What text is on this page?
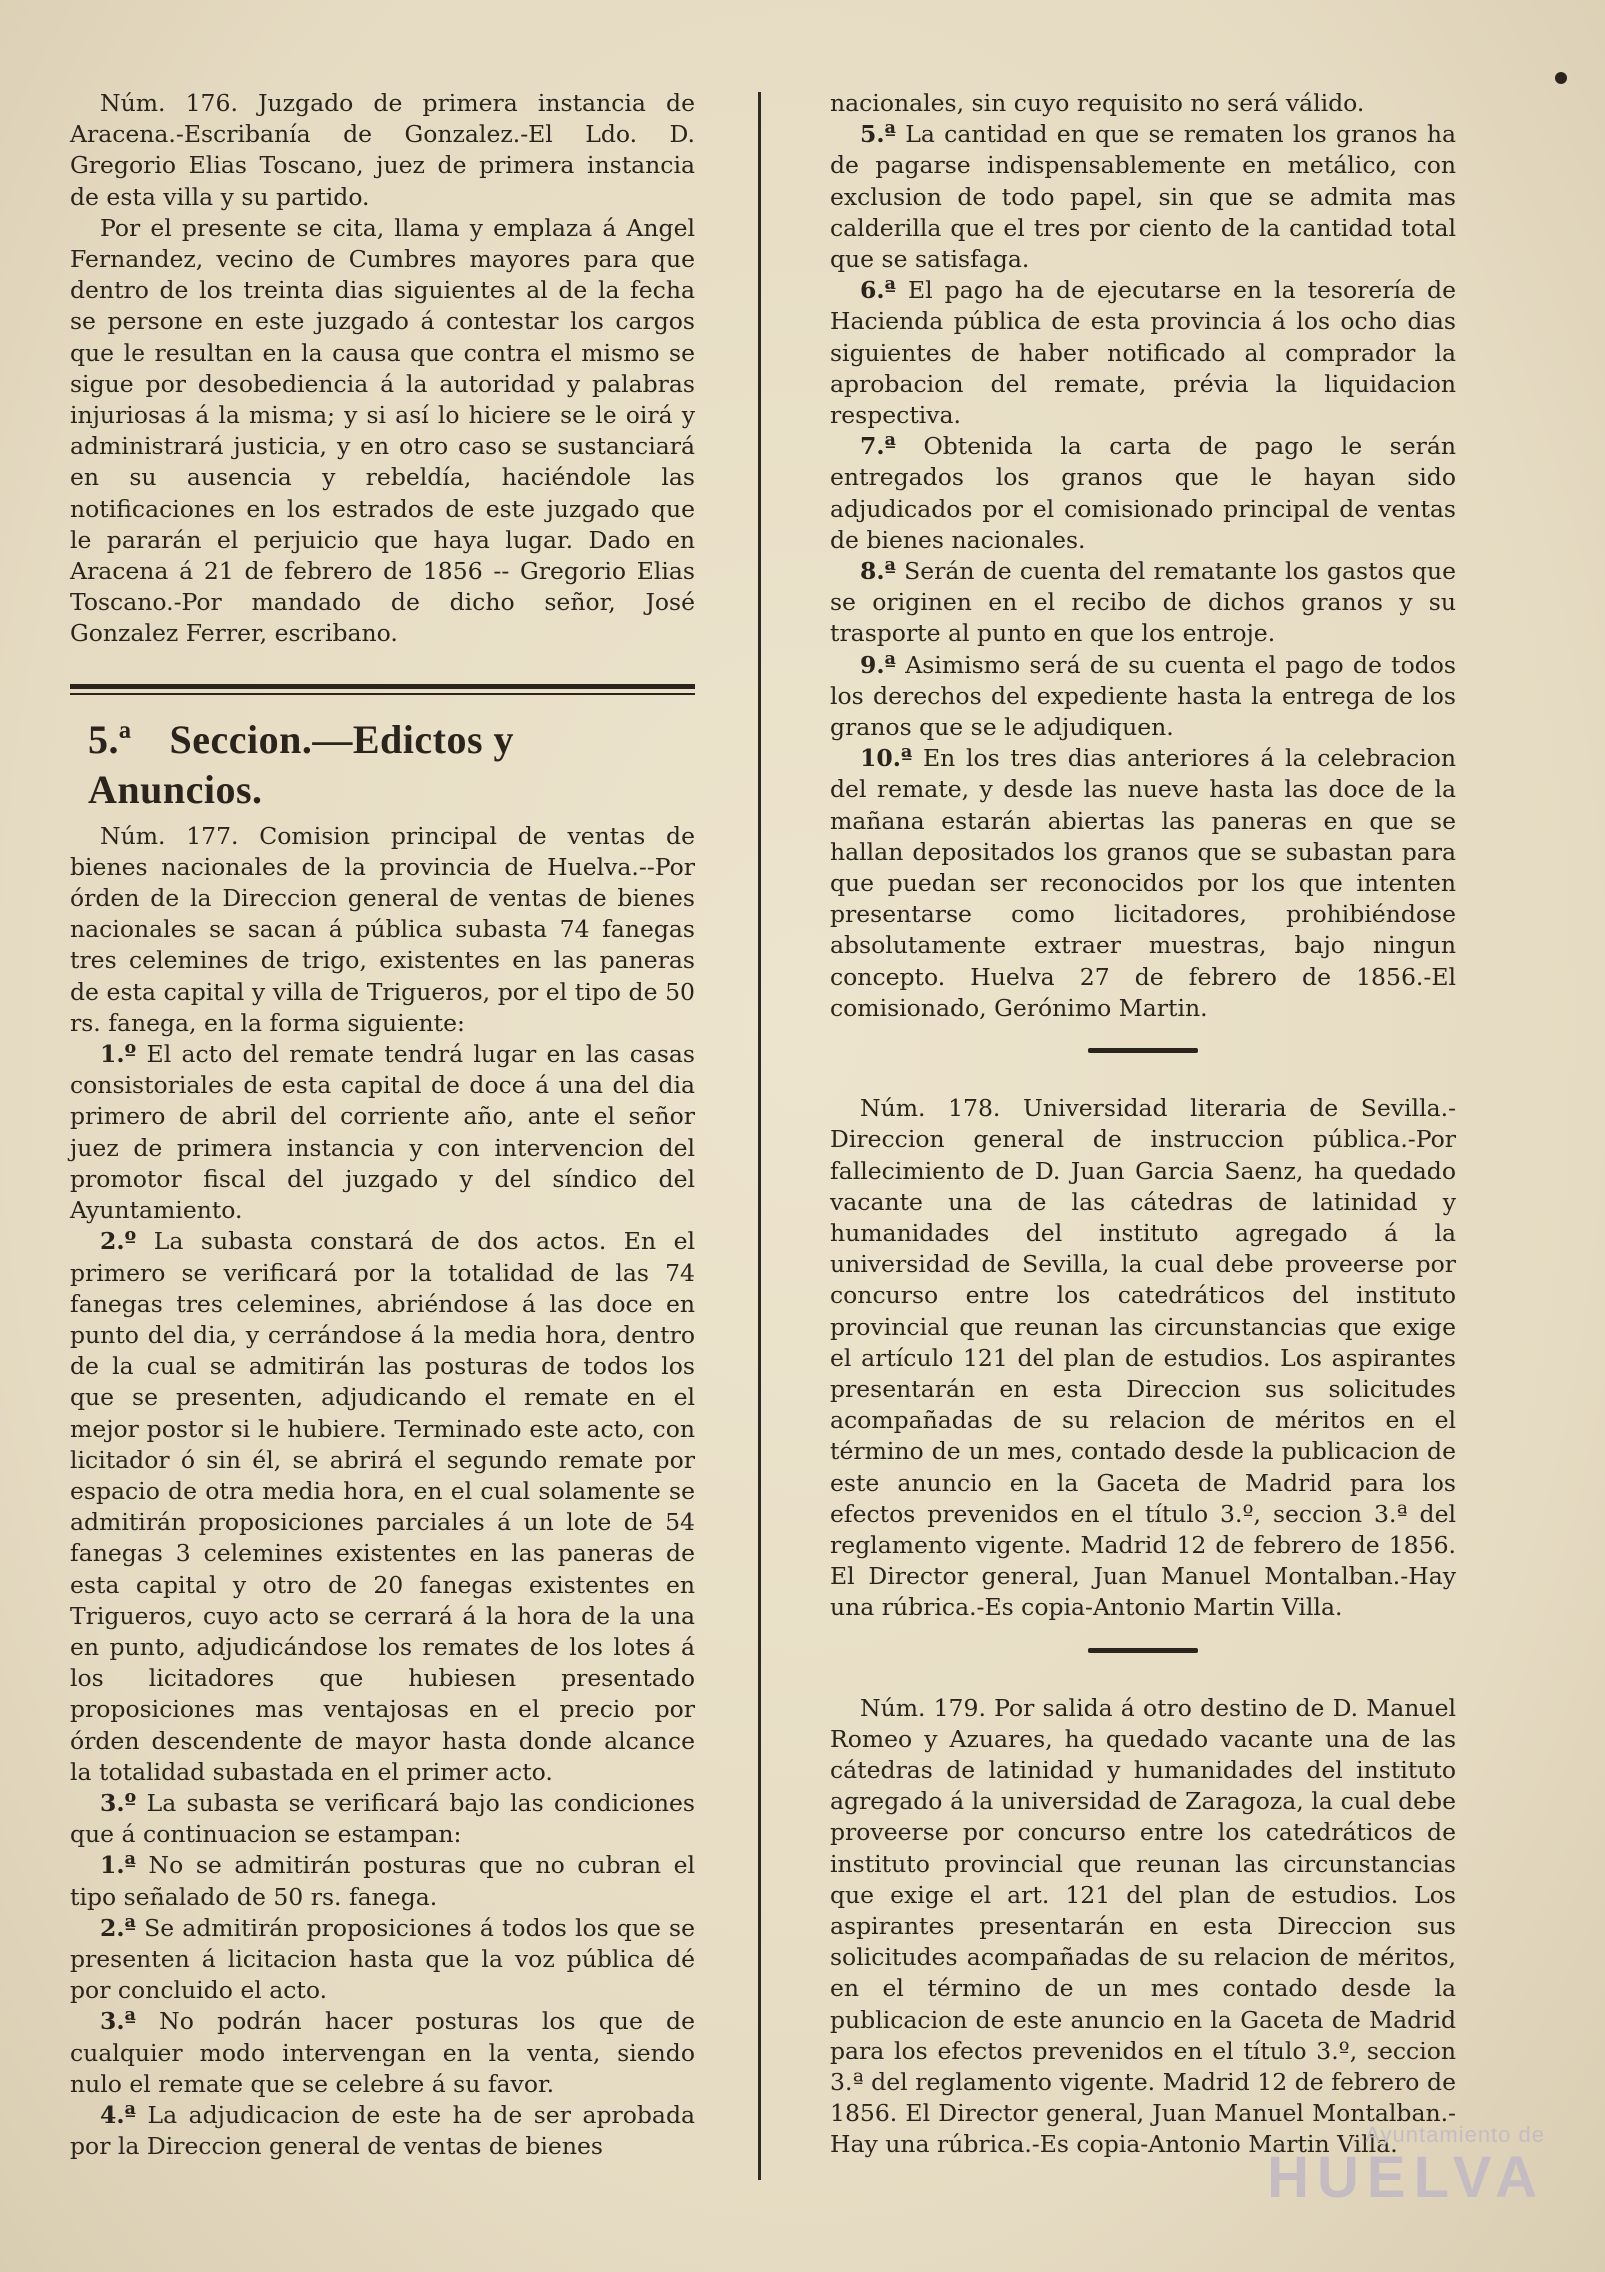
Núm. 176. Juzgado de primera instancia de Aracena.-Escribanía de Gonzalez.-El Ldo. D. Gregorio Elias Toscano, juez de primera instancia de esta villa y su partido.

Por el presente se cita, llama y emplaza á Angel Fernandez, vecino de Cumbres mayores para que dentro de los treinta dias siguientes al de la fecha se persone en este juzgado á contestar los cargos que le resultan en la causa que contra el mismo se sigue por desobediencia á la autoridad y palabras injuriosas á la misma; y si así lo hiciere se le oirá y administrará justicia, y en otro caso se sustanciará en su ausencia y rebeldía, haciéndole las notificaciones en los estrados de este juzgado que le pararán el perjuicio que haya lugar. Dado en Aracena á 21 de febrero de 1856 -- Gregorio Elias Toscano.-Por mandado de dicho señor, José Gonzalez Ferrer, escribano.

5.ª Seccion.—Edictos y Anuncios.

Núm. 177. Comision principal de ventas de bienes nacionales de la provincia de Huelva.--Por órden de la Direccion general de ventas de bienes nacionales se sacan á pública subasta 74 fanegas tres celemines de trigo, existentes en las paneras de esta capital y villa de Trigueros, por el tipo de 50 rs. fanega, en la forma siguiente:

1.º El acto del remate tendrá lugar en las casas consistoriales de esta capital de doce á una del dia primero de abril del corriente año, ante el señor juez de primera instancia y con intervencion del promotor fiscal del juzgado y del síndico del Ayuntamiento.

2.º La subasta constará de dos actos. En el primero se verificará por la totalidad de las 74 fanegas tres celemines, abriéndose á las doce en punto del dia, y cerrándose á la media hora, dentro de la cual se admitirán las posturas de todos los que se presenten, adjudicando el remate en el mejor postor si le hubiere. Terminado este acto, con licitador ó sin él, se abrirá el segundo remate por espacio de otra media hora, en el cual solamente se admitirán proposiciones parciales á un lote de 54 fanegas 3 celemines existentes en las paneras de esta capital y otro de 20 fanegas existentes en Trigueros, cuyo acto se cerrará á la hora de la una en punto, adjudicándose los remates de los lotes á los licitadores que hubiesen presentado proposiciones mas ventajosas en el precio por órden descendente de mayor hasta donde alcance la totalidad subastada en el primer acto.

3.º La subasta se verificará bajo las condiciones que á continuacion se estampan:

1.ª No se admitirán posturas que no cubran el tipo señalado de 50 rs. fanega.

2.ª Se admitirán proposiciones á todos los que se presenten á licitacion hasta que la voz pública dé por concluido el acto.

3.ª No podrán hacer posturas los que de cualquier modo intervengan en la venta, siendo nulo el remate que se celebre á su favor.

4.ª La adjudicacion de este ha de ser aprobada por la Direccion general de ventas de bienes

nacionales, sin cuyo requisito no será válido.

5.ª La cantidad en que se rematen los granos ha de pagarse indispensablemente en metálico, con exclusion de todo papel, sin que se admita mas calderilla que el tres por ciento de la cantidad total que se satisfaga.

6.ª El pago ha de ejecutarse en la tesorería de Hacienda pública de esta provincia á los ocho dias siguientes de haber notificado al comprador la aprobacion del remate, prévia la liquidacion respectiva.

7.ª Obtenida la carta de pago le serán entregados los granos que le hayan sido adjudicados por el comisionado principal de ventas de bienes nacionales.

8.ª Serán de cuenta del rematante los gastos que se originen en el recibo de dichos granos y su trasporte al punto en que los entroje.

9.ª Asimismo será de su cuenta el pago de todos los derechos del expediente hasta la entrega de los granos que se le adjudiquen.

10.ª En los tres dias anteriores á la celebracion del remate, y desde las nueve hasta las doce de la mañana estarán abiertas las paneras en que se hallan depositados los granos que se subastan para que puedan ser reconocidos por los que intenten presentarse como licitadores, prohibiéndose absolutamente extraer muestras, bajo ningun concepto. Huelva 27 de febrero de 1856.-El comisionado, Gerónimo Martin.

Núm. 178. Universidad literaria de Sevilla.-Direccion general de instruccion pública.-Por fallecimiento de D. Juan Garcia Saenz, ha quedado vacante una de las cátedras de latinidad y humanidades del instituto agregado á la universidad de Sevilla, la cual debe proveerse por concurso entre los catedráticos del instituto provincial que reunan las circunstancias que exige el artículo 121 del plan de estudios. Los aspirantes presentarán en esta Direccion sus solicitudes acompañadas de su relacion de méritos en el término de un mes, contado desde la publicacion de este anuncio en la Gaceta de Madrid para los efectos prevenidos en el título 3.º, seccion 3.ª del reglamento vigente. Madrid 12 de febrero de 1856. El Director general, Juan Manuel Montalban.-Hay una rúbrica.-Es copia-Antonio Martin Villa.

Núm. 179. Por salida á otro destino de D. Manuel Romeo y Azuares, ha quedado vacante una de las cátedras de latinidad y humanidades del instituto agregado á la universidad de Zaragoza, la cual debe proveerse por concurso entre los catedráticos de instituto provincial que reunan las circunstancias que exige el art. 121 del plan de estudios. Los aspirantes presentarán en esta Direccion sus solicitudes acompañadas de su relacion de méritos, en el término de un mes contado desde la publicacion de este anuncio en la Gaceta de Madrid para los efectos prevenidos en el título 3.º, seccion 3.ª del reglamento vigente. Madrid 12 de febrero de 1856. El Director general, Juan Manuel Montalban.-Hay una rúbrica.-Es copia-Antonio Martin Villa.

Ayuntamiento de
HUELVA
